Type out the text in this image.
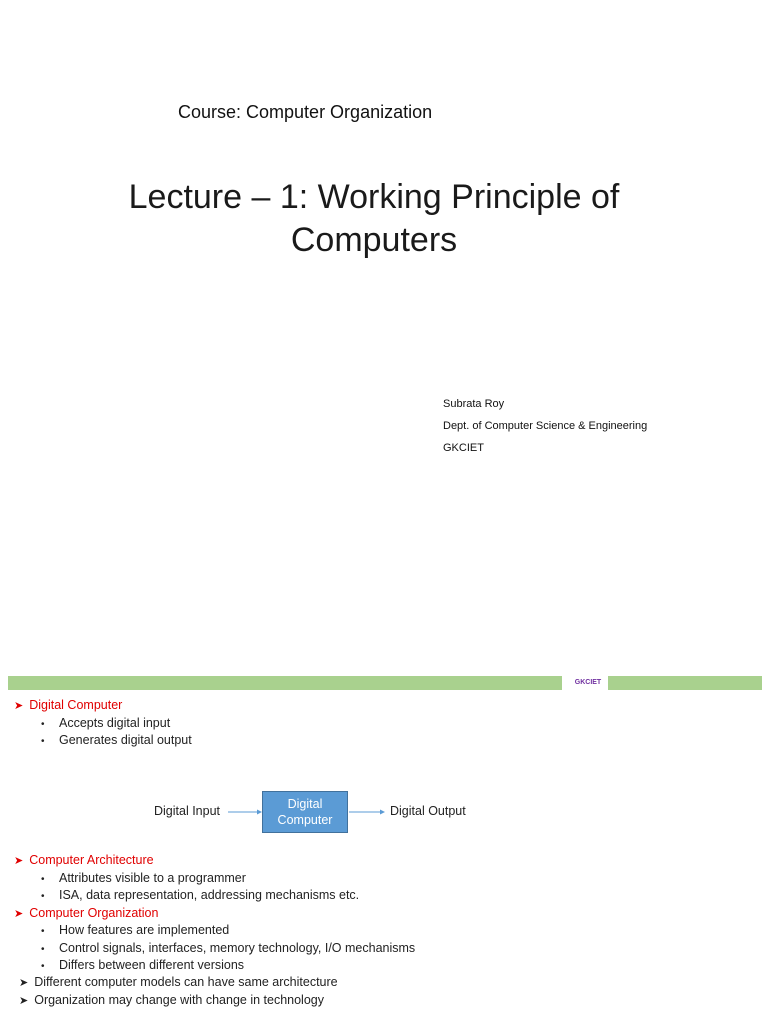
Course: Computer Organization
Lecture – 1: Working Principle of
Computers
Subrata Roy
Dept. of Computer Science & Engineering
GKCIET
GKCIET
➤ Digital Computer
• Accepts digital input
• Generates digital output
➤ Computer Architecture
• Attributes visible to a programmer
• ISA, data representation, addressing mechanisms etc.
➤ Computer Organization
• How features are implemented
• Control signals, interfaces, memory technology, I/O mechanisms
• Differs between different versions
➤ Different computer models can have same architecture
➤ Organization may change with change in technology
Digital Input	Digital
Computer
Digital Output
